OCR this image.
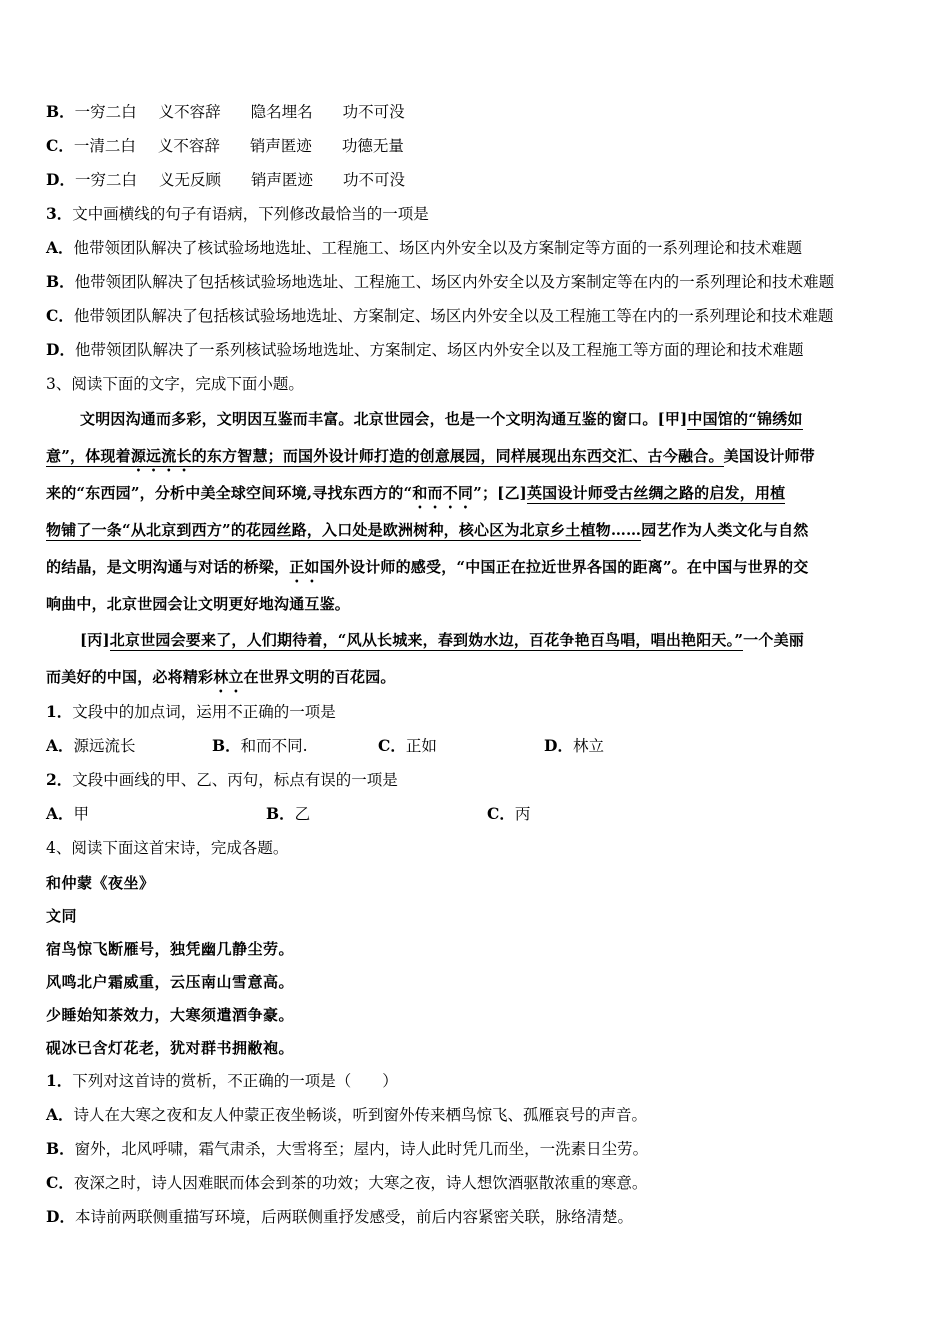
B．一穷二白 义不容辞 隐名埋名 功不可没
C．一清二白 义不容辞 销声匿迹 功德无量
D．一穷二白 义无反顾 销声匿迹 功不可没
3．文中画横线的句子有语病，下列修改最恰当的一项是
A．他带领团队解决了核试验场地选址、工程施工、场区内外安全以及方案制定等方面的一系列理论和技术难题
B．他带领团队解决了包括核试验场地选址、工程施工、场区内外安全以及方案制定等在内的一系列理论和技术难题
C．他带领团队解决了包括核试验场地选址、方案制定、场区内外安全以及工程施工等在内的一系列理论和技术难题
D．他带领团队解决了一系列核试验场地选址、方案制定、场区内外安全以及工程施工等方面的理论和技术难题
3、阅读下面的文字，完成下面小题。
文明因沟通而多彩，文明因互鉴而丰富。北京世园会，也是一个文明沟通互鉴的窗口。[甲]中国馆的“锦绣如
意”，体现着源远流长的东方智慧；而国外设计师打造的创意展园，同样展现出东西交汇、古今融合。美国设计师带
来的“东西园”，分析中美全球空间环境,寻找东西方的“和而不同”；[乙]英国设计师受古丝绸之路的启发，用植
物铺了一条“从北京到西方”的花园丝路，入口处是欧洲树种，核心区为北京乡土植物……园艺作为人类文化与自然
的结晶，是文明沟通与对话的桥梁，正如国外设计师的感受，“中国正在拉近世界各国的距离”。在中国与世界的交
响曲中，北京世园会让文明更好地沟通互鉴。
[丙]北京世园会要来了，人们期待着，“风从长城来，春到妫水边，百花争艳百鸟唱，唱出艳阳天。”一个美丽
而美好的中国，必将精彩林立在世界文明的百花园。
1．文段中的加点词，运用不正确的一项是
A．源远流长	B．和而不同.	C．正如	D．林立
2．文段中画线的甲、乙、丙句，标点有误的一项是
A．甲	B．乙	C．丙
4、阅读下面这首宋诗，完成各题。
和仲蒙《夜坐》
文同
宿鸟惊飞断雁号，独凭幽几静尘劳。
风鸣北户霜威重，云压南山雪意高。
少睡始知茶效力，大寒须遣酒争豪。
砚冰已含灯花老，犹对群书拥敝袍。
1．下列对这首诗的赏析，不正确的一项是（　　）
A．诗人在大寒之夜和友人仲蒙正夜坐畅谈，听到窗外传来栖鸟惊飞、孤雁哀号的声音。
B．窗外，北风呼啸，霜气肃杀，大雪将至；屋内，诗人此时凭几而坐，一洗素日尘劳。
C．夜深之时，诗人因难眠而体会到茶的功效；大寒之夜，诗人想饮酒驱散浓重的寒意。
D．本诗前两联侧重描写环境，后两联侧重抒发感受，前后内容紧密关联，脉络清楚。
